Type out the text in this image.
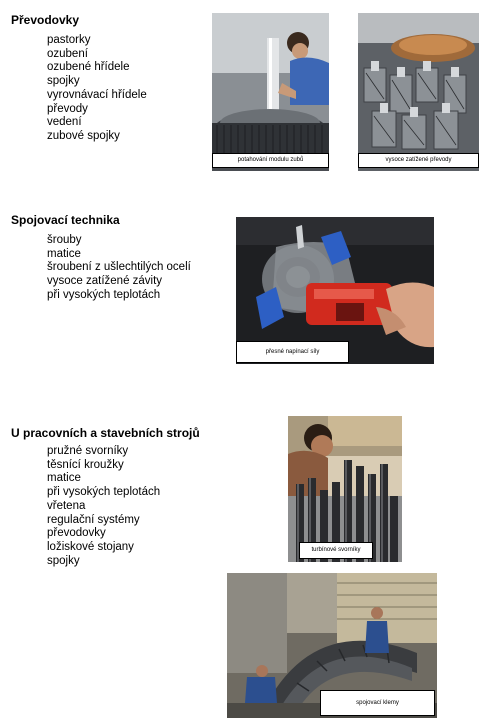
Převodovky
pastorky
ozubení
ozubené hřídele
spojky
vyrovnávací hřídele
převody
vedení
zubové spojky
potahování modulu zubů	vysoce zatížené převody
Spojovací technika
šrouby
matice
šroubení z ušlechtilých ocelí
vysoce zatížené závity
při vysokých teplotách
přesné napínací síly
U pracovních a stavebních strojů
pružné svorníky
těsnící kroužky
matice
při vysokých teplotách
vřetena
regulační systémy
převodovky
ložiskové stojany
spojky
turbínové svorníky
spojovací klemy
